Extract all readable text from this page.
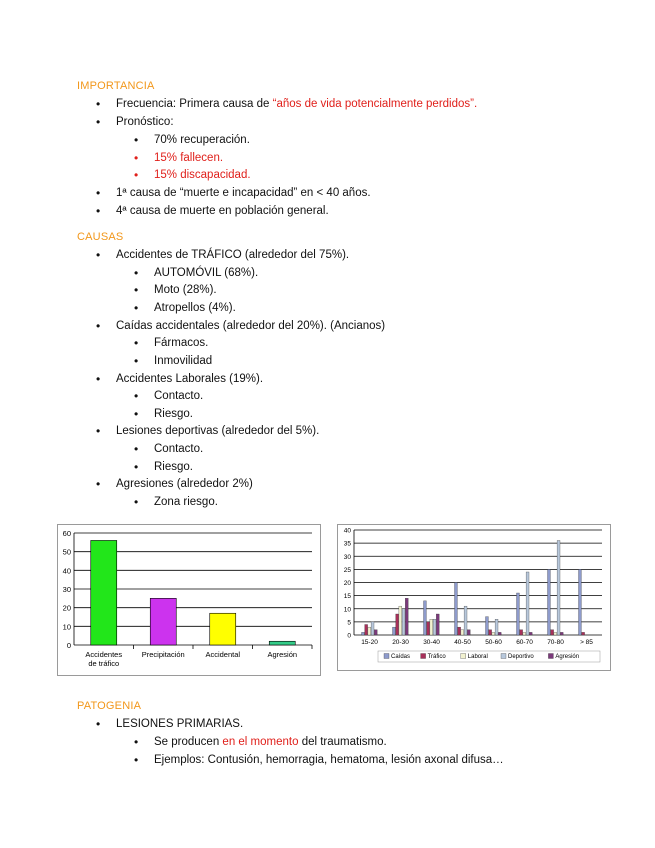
IMPORTANCIA
• Frecuencia: Primera causa de “años de vida potencialmente perdidos”.
• Pronóstico:
• 70% recuperación.
• 15% fallecen.
• 15% discapacidad.
• 1ª causa de “muerte e incapacidad” en < 40 años.
• 4ª causa de muerte en población general.
CAUSAS
• Accidentes de TRÁFICO (alrededor del 75%).
• AUTOMÓVIL (68%).
• Moto (28%).
• Atropellos (4%).
• Caídas accidentales (alrededor del 20%). (Ancianos)
• Fármacos.
• Inmovilidad
• Accidentes Laborales (19%).
• Contacto.
• Riesgo.
• Lesiones deportivas (alrededor del 5%).
• Contacto.
• Riesgo.
• Agresiones (alrededor 2%)
• Zona riesgo.
0
10
20
30
40
50
60
Accidentes
de tráfico
Precipitación	Accidental	Agresión
0
5
10
15
20
25
30
35
40
15-20 20-30 30-40 40-50 50-60 60-70 70-80	> 85
Caídas	Tráfico	Laboral	Deportivo	Agresión
PATOGENIA
• LESIONES PRIMARIAS.
• Se producen en el momento del traumatismo.
• Ejemplos: Contusión, hemorragia, hematoma, lesión axonal difusa…
